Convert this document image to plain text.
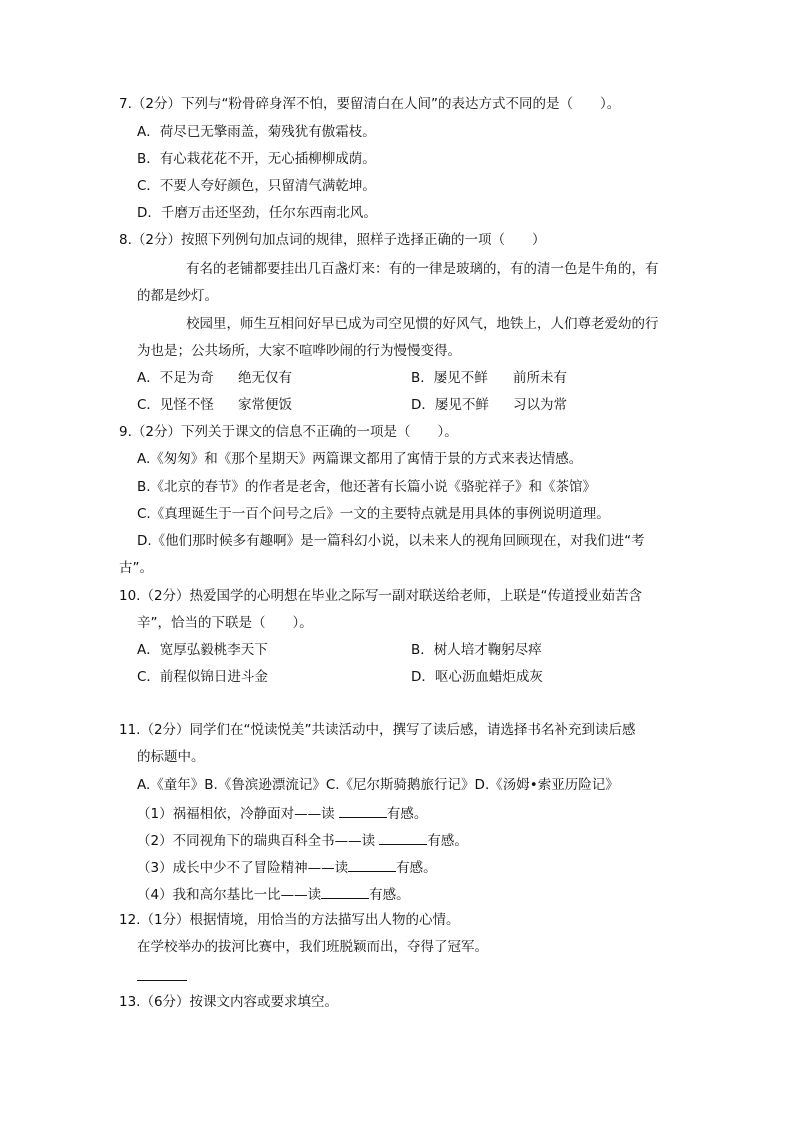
7.（2分）下列与“粉骨碎身浑不怕，要留清白在人间”的表达方式不同的是（　　）。
A．荷尽已无擎雨盖，菊残犹有傲霜枝。
B．有心栽花花不开，无心插柳柳成荫。
C．不要人夸好颜色，只留清气满乾坤。
D．千磨万击还坚劲，任尔东西南北风。
8.（2分）按照下列例句加点词的规律，照样子选择正确的一项（　　）
有名的老铺都要挂出几百盏灯来：有的一律是玻璃的，有的清一色是牛角的，有
的都是纱灯。
校园里，师生互相问好早已成为司空见惯的好风气，地铁上，人们尊老爱幼的行
为也是；公共场所，大家不喧哗吵闹的行为慢慢变得。
A．不足为奇 绝无仅有	B．屡见不鲜 前所未有
C．见怪不怪 家常便饭	D．屡见不鲜 习以为常
9.（2分）下列关于课文的信息不正确的一项是（　　）。
A.《匆匆》和《那个星期天》两篇课文都用了寓情于景的方式来表达情感。
B.《北京的春节》的作者是老舍，他还著有长篇小说《骆驼祥子》和《茶馆》
C.《真理诞生于一百个问号之后》一文的主要特点就是用具体的事例说明道理。
D.《他们那时候多有趣啊》是一篇科幻小说，以未来人的视角回顾现在，对我们进“考
古”。
10.（2分）热爱国学的心明想在毕业之际写一副对联送给老师，上联是“传道授业茹苦含
辛”，恰当的下联是（　　）。
A．宽厚弘毅桃李天下	B．树人培才鞠躬尽瘁
C．前程似锦日进斗金	D．呕心沥血蜡炬成灰
11.（2分）同学们在“悦读悦美”共读活动中，撰写了读后感，请选择书名补充到读后感
的标题中。
A.《童年》B.《鲁滨逊漂流记》C.《尼尔斯骑鹅旅行记》D.《汤姆•索亚历险记》
（1）祸福相依，冷静面对——读	有感。
（2）不同视角下的瑞典百科全书——读	有感。
（3）成长中少不了冒险精神——读	有感。
（4）我和高尔基比一比——读	有感。
12.（1分）根据情境，用恰当的方法描写出人物的心情。
在学校举办的拔河比赛中，我们班脱颖而出，夺得了冠军。
13.（6分）按课文内容或要求填空。
